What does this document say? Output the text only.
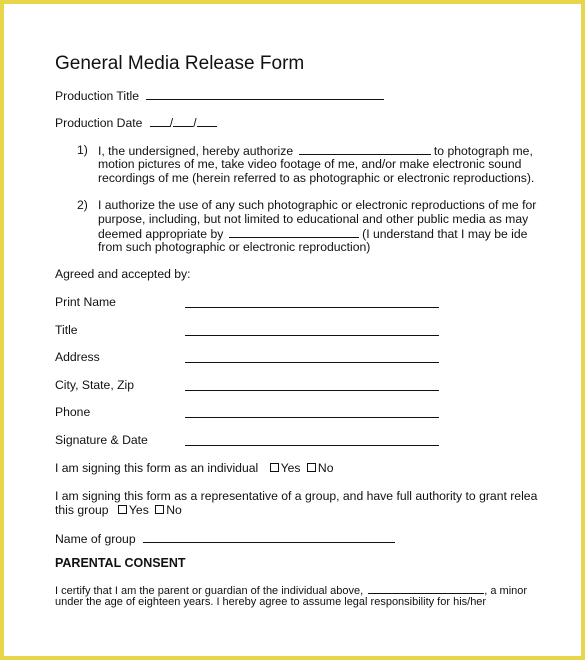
General Media Release Form
Production Title
Production Date / /
1) I, the undersigned, hereby authorize	to photograph me,
motion pictures of me, take video footage of me, and/or make electronic sound
recordings of me (herein referred to as photographic or electronic reproductions).
2) I authorize the use of any such photographic or electronic reproductions of me for
purpose, including, but not limited to educational and other public media as may
deemed appropriate by	(I understand that I may be ide
from such photographic or electronic reproduction)
Agreed and accepted by:
Print Name
Title
Address
City, State, Zip
Phone
Signature & Date
I am signing this form as an individual Yes No
I am signing this form as a representative of a group, and have full authority to grant relea
this group Yes No
Name of group
PARENTAL CONSENT
I certify that I am the parent or guardian of the individual above,	, a minor
under the age of eighteen years. I hereby agree to assume legal responsibility for his/her
